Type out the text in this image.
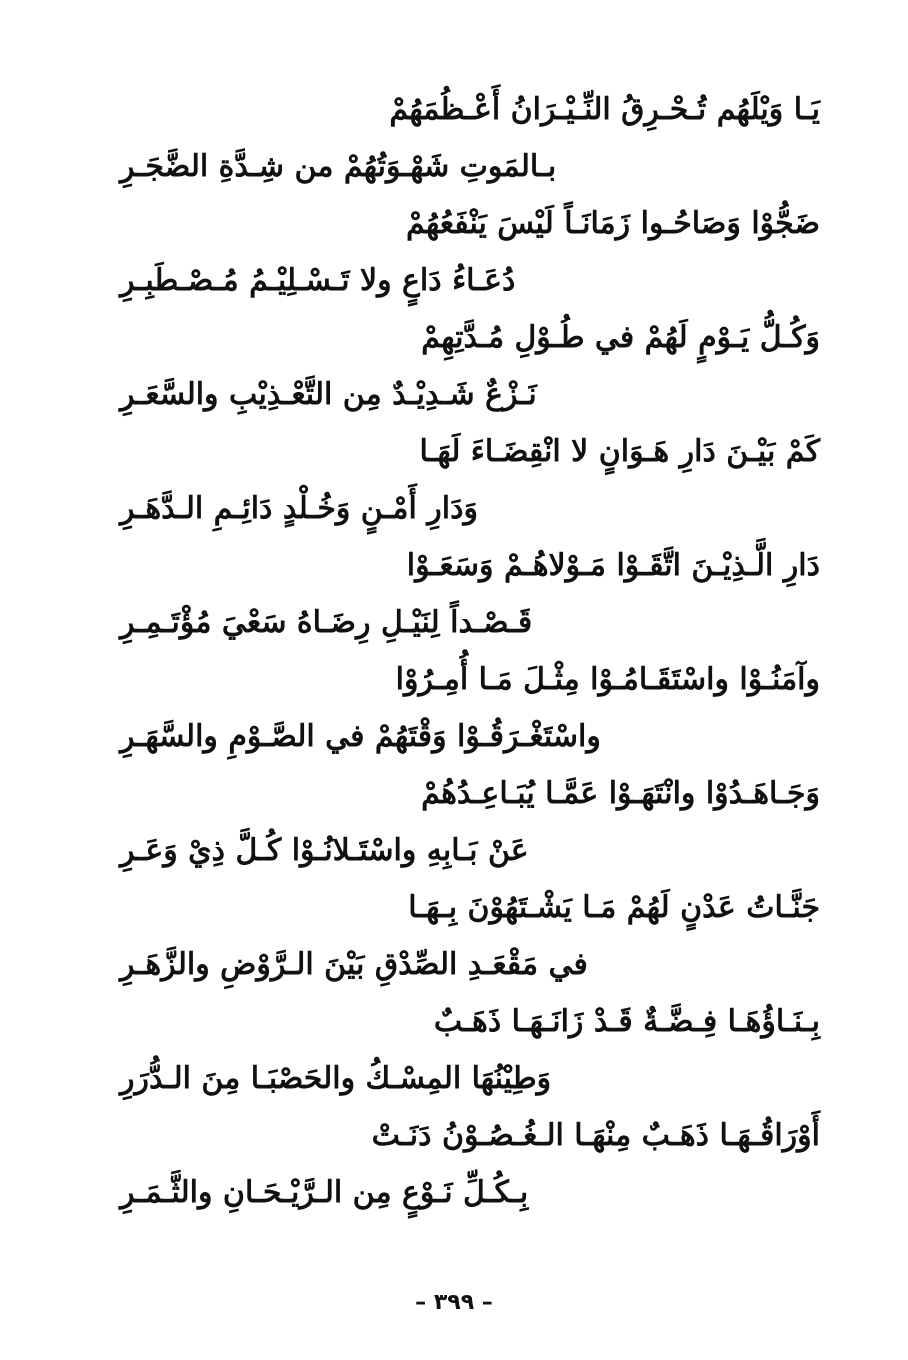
يَـا وَيْلَهُم تُـحْـرِقُ النِّـيْـرَانُ أَعْـظُمَهُمْ
بـالمَوتِ شَهْـوَتُهُمْ من شِـدَّةِ الضَّجَـرِ
ضَجُّوْا وَصَاحُـوا زَمَانَـاً لَيْسَ يَنْفَعُهُمْ
دُعَـاءُ دَاعٍ ولا تَـسْـلِيْـمُ مُـصْـطَبِـرِ
وَكُـلُّ يَـوْمٍ لَهُمْ في طُـوْلِ مُـدَّتِهِمْ
نَـزْعٌ شَـدِيْـدٌ مِن التَّعْـذِيْبِ والسَّعَـرِ
كَمْ بَيْـنَ دَارِ هَـوَانٍ لا انْقِضَـاءَ لَهَـا
وَدَارِ أَمْـنٍ وَخُـلْدٍ دَائِـمِ الـدَّهَـرِ
دَارِ الَّـذِيْـنَ اتَّقَـوْا مَـوْلاهُـمْ وَسَعَـوْا
قَـصْـداً لِنَيْـلِ رِضَـاهُ سَعْيَ مُؤْتَـمِـرِ
وآمَنُـوْا واسْتَقَـامُـوْا مِثْـلَ مَـا أُمِـرُوْا
واسْتَغْـرَقُـوْا وَقْتَهُمْ في الصَّـوْمِ والسَّهَـرِ
وَجَـاهَـدُوْا وانْتَهَـوْا عَمَّـا يُبَـاعِـدُهُمْ
عَنْ بَـابِهِ واسْتَـلانُـوْا كُـلَّ ذِيْ وَعَـرِ
جَنَّـاتُ عَدْنٍ لَهُمْ مَـا يَشْـتَهُوْنَ بِـهَـا
في مَقْعَـدِ الصِّدْقِ بَيْنَ الـرَّوْضِ والزَّهَـرِ
بِـنَـاؤُهَـا فِـضَّـةٌ قَـدْ زَانَـهَـا ذَهَـبٌ
وَطِيْنُهَا المِسْـكُ والحَصْبَـا مِنَ الـدُّرَرِ
أَوْرَاقُـهَـا ذَهَـبٌ مِنْهَـا الـغُـصُـوْنُ دَنَـتْ
بِـكُـلِّ نَـوْعٍ مِن الـرَّيْـحَـانِ والثَّـمَـرِ
– ٣٩٩ –
